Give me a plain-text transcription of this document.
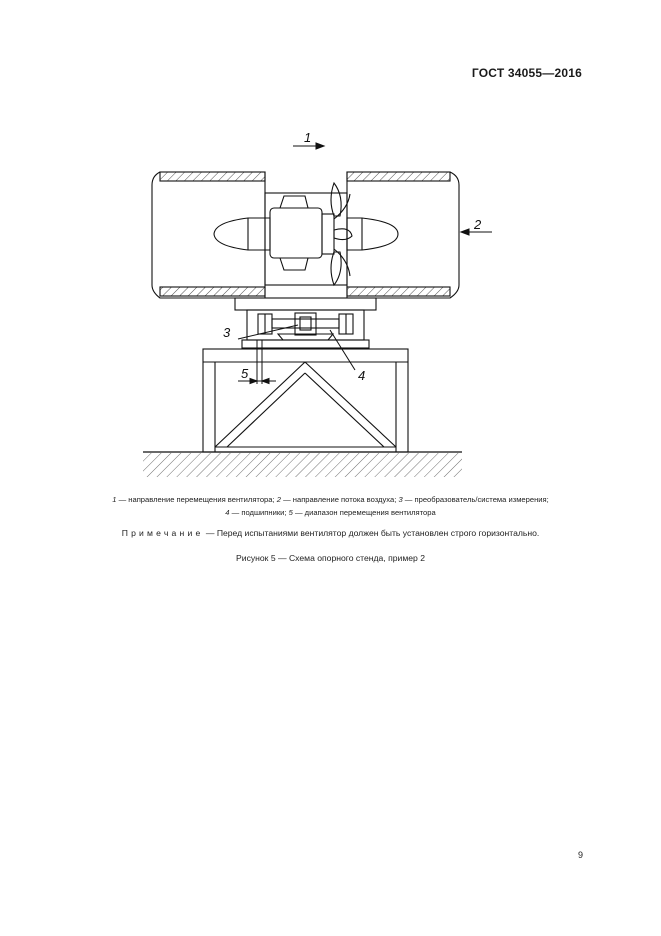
ГОСТ 34055—2016
1
2
3
4
5
1 — направление перемещения вентилятора; 2 — направление потока воздуха; 3 — преобразователь/система измерения;
4 — подшипники; 5 — диапазон перемещения вентилятора
Примечание — Перед испытаниями вентилятор должен быть установлен строго горизонтально.
Рисунок 5 — Схема опорного стенда, пример 2
9
